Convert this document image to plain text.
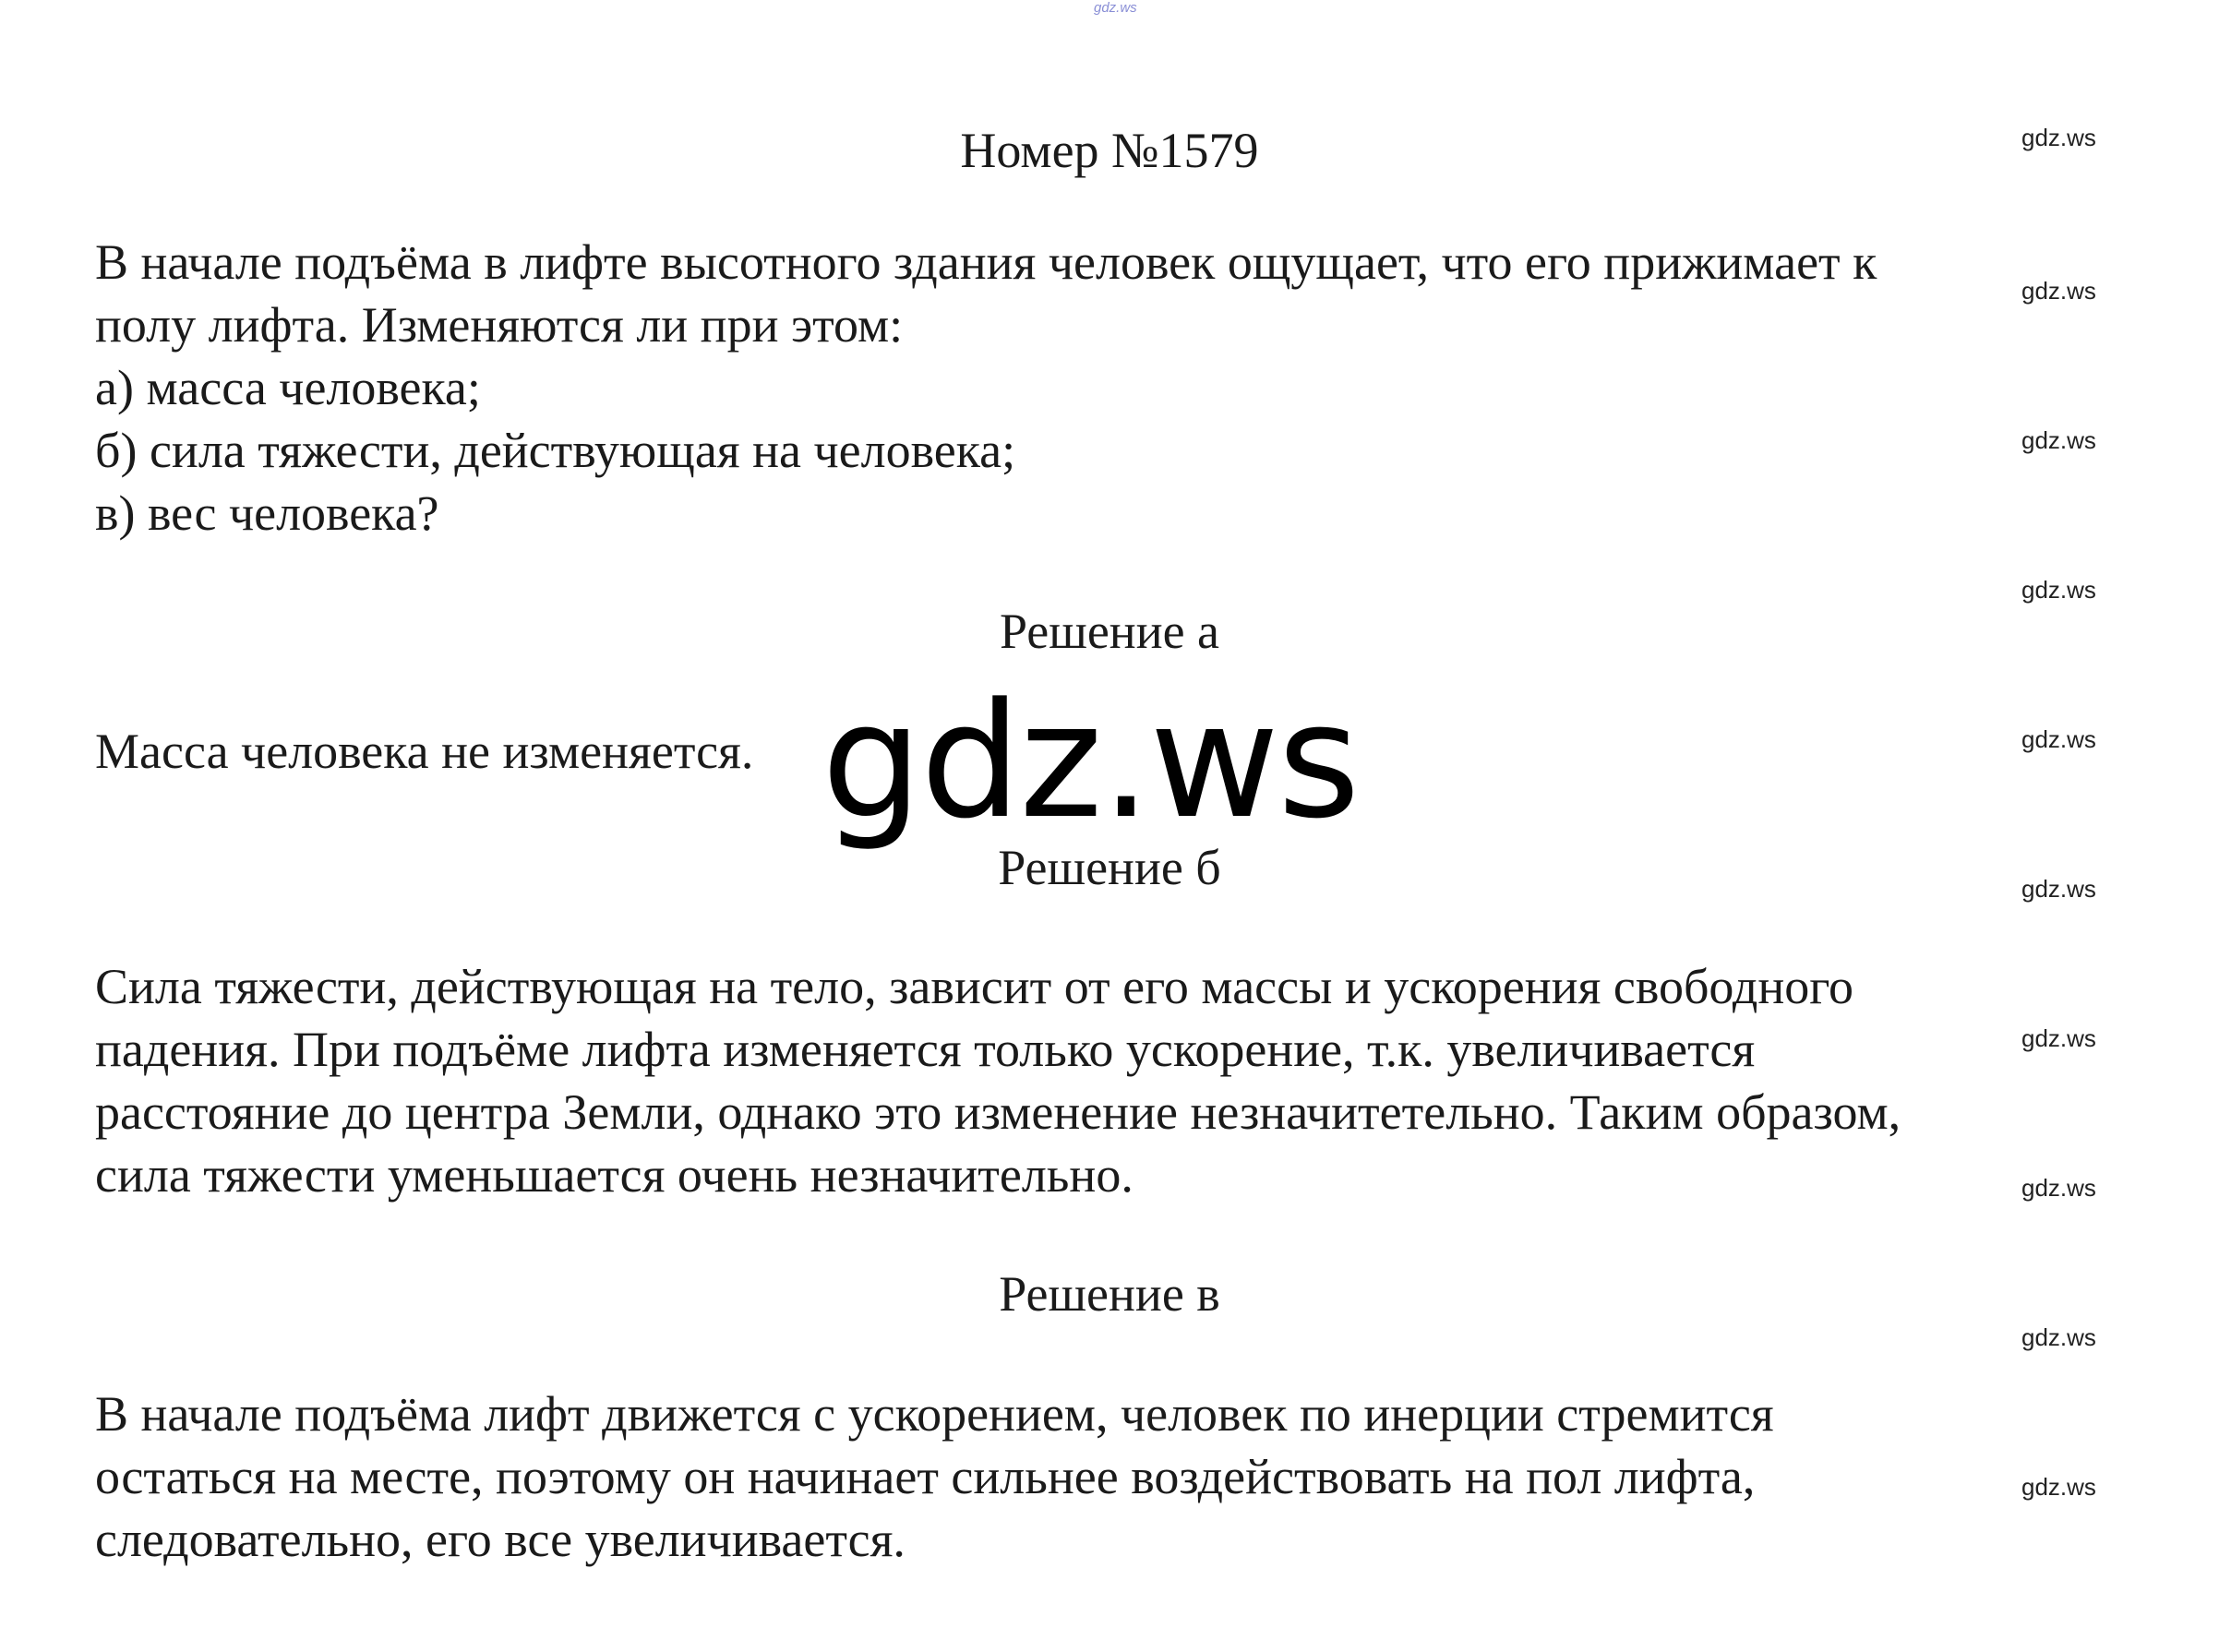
gdz.ws
Номер №1579
В начале подъёма в лифте высотного здания человек ощущает, что его прижимает к
полу лифта. Изменяются ли при этом:
а) масса человека;
б) сила тяжести, действующая на человека;
в) вес человека?
Решение а
Масса человека не изменяется.
Решение б
Сила тяжести, действующая на тело, зависит от его массы и ускорения свободного
падения. При подъёме лифта изменяется только ускорение, т.к. увеличивается
расстояние до центра Земли, однако это изменение незначитетельно. Таким образом,
сила тяжести уменьшается очень незначительно.
Решение в
В начале подъёма лифт движется с ускорением, человек по инерции стремится
остаться на месте, поэтому он начинает сильнее воздействовать на пол лифта,
следовательно, его все увеличивается.
gdz.ws
gdz.ws
gdz.ws
gdz.ws
gdz.ws
gdz.ws
gdz.ws
gdz.ws
gdz.ws
gdz.ws
gdz.ws
